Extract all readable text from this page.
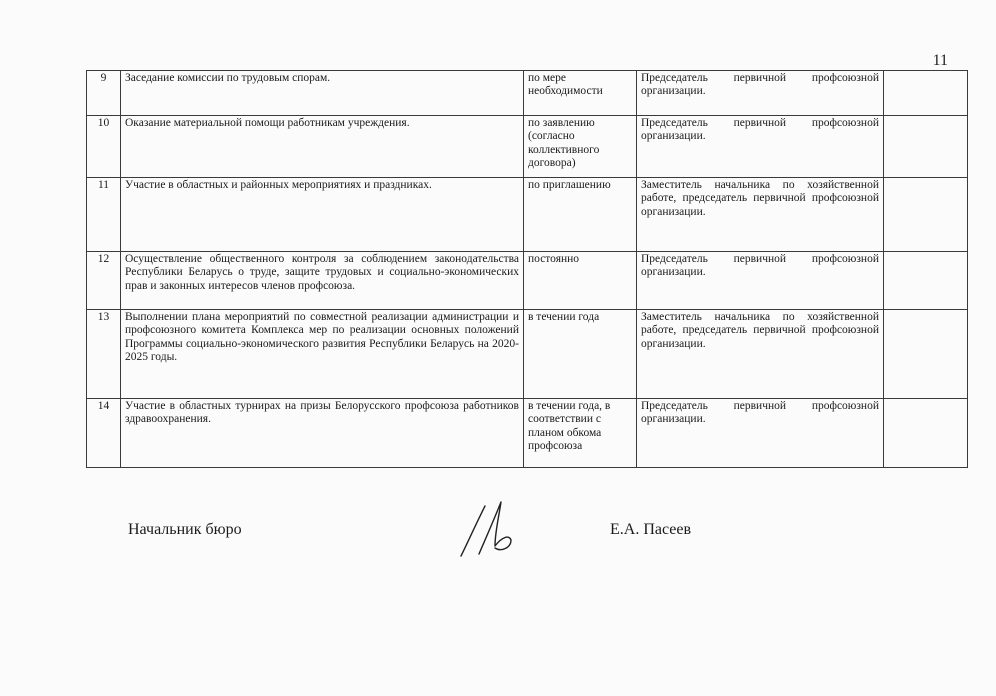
11
9	Заседание комиссии по трудовым спорам.	по мере необходимости	Председатель первичной профсоюзной организации.	
10	Оказание материальной помощи работникам учреждения.	по заявлению (согласно коллективного договора)	Председатель первичной профсоюзной организации.	
11	Участие в областных и районных мероприятиях и праздниках.	по приглашению	Заместитель начальника по хозяйственной работе, председатель первичной профсоюзной организации.	
12	Осуществление общественного контроля за соблюдением законодательства Республики Беларусь о труде, защите трудовых и социально-экономических прав и законных интересов членов профсоюза.	постоянно	Председатель первичной профсоюзной организации.	
13	Выполнении плана мероприятий по совместной реализации администрации и профсоюзного комитета Комплекса мер по реализации основных положений Программы социально-экономического развития Республики Беларусь на 2020-2025 годы.	в течении года	Заместитель начальника по хозяйственной работе, председатель первичной профсоюзной организации.	
14	Участие в областных турнирах на призы Белорусского профсоюза работников здравоохранения.	в течении года, в соответствии с планом обкома профсоюза	Председатель первичной профсоюзной организации.	
Начальник бюро	Е.А. Пасеев
